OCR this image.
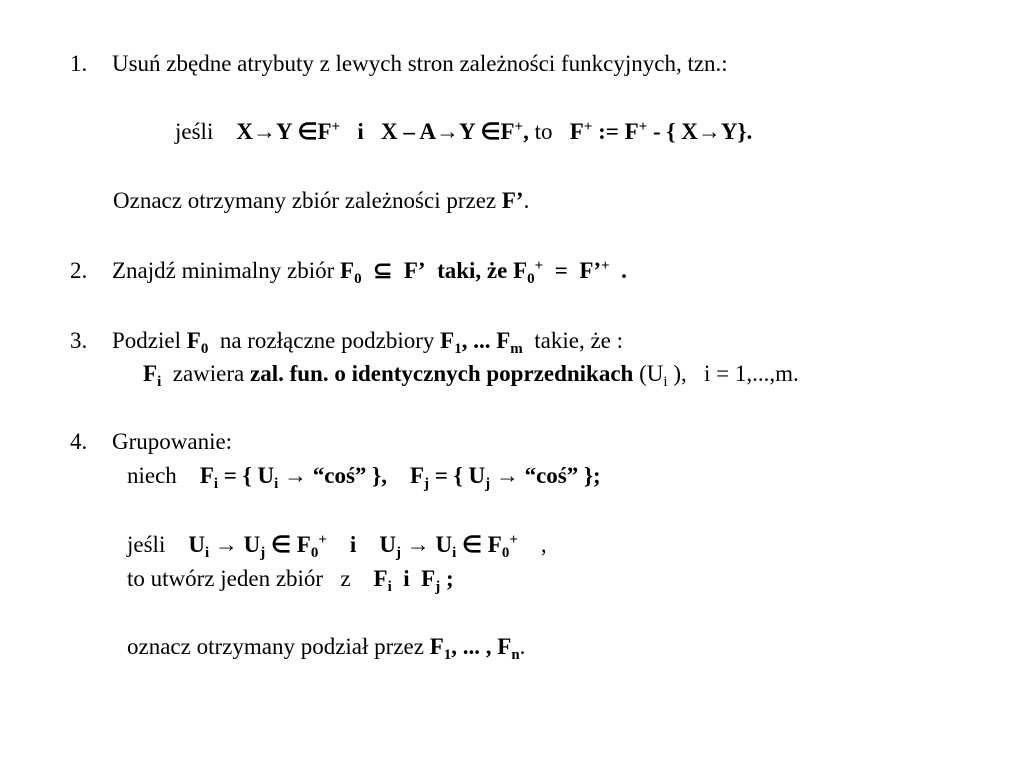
1. Usuń zbędne atrybuty z lewych stron zależności funkcyjnych, tzn.:
jeśli X→Y ∈F+ i X – A→Y ∈F+, to F+ := F+ - { X→Y}.
Oznacz otrzymany zbiór zależności przez F’.
2. Znajdź minimalny zbiór $F_0$ ⊆ F’ taki, że $F_0^+$ = F’+ .
3. Podziel $F_0$ na rozłączne podzbiory $F_1$, ... $F_m$ takie, że :
$F_i$ zawiera zal. fun. o identycznych poprzednikach ($U_i$ ), i = 1,...,m.
4. Grupowanie:
niech $F_i$ = { $U_i$ → “coś” }, $F_j$ = { $U_j$ → “coś” };
jeśli $U_i \to U_j$ ∈ $F_0^+$ i $U_j \to U_i$ ∈ $F_0^+$ ,
to utwórz jeden zbiór z $F_i$ i $F_j$ ;
oznacz otrzymany podział przez $F_1$, ... , $F_n$.
